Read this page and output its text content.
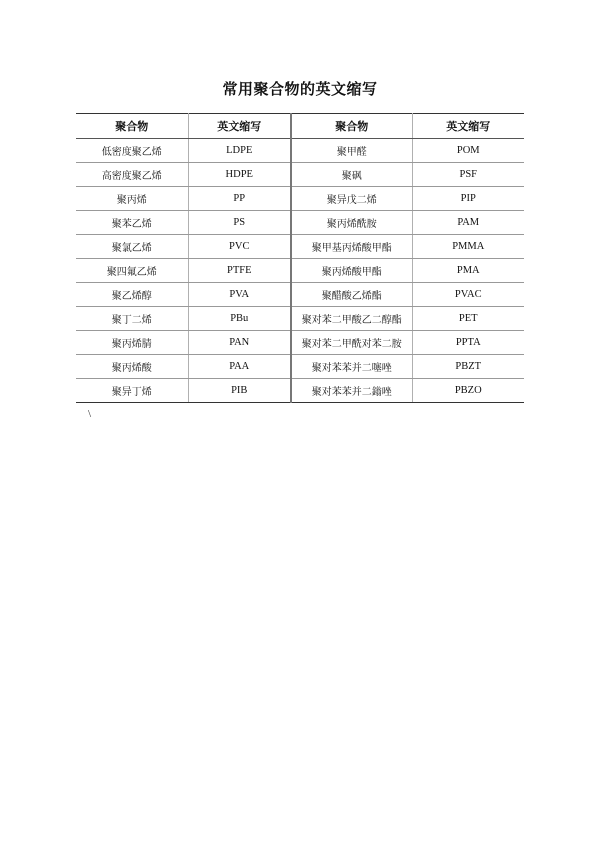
常用聚合物的英文缩写
聚合物	英文缩写	聚合物	英文缩写
低密度聚乙烯	LDPE	聚甲醛	POM
高密度聚乙烯	HDPE	聚砜	PSF
聚丙烯	PP	聚异戊二烯	PIP
聚苯乙烯	PS	聚丙烯酰胺	PAM
聚氯乙烯	PVC	聚甲基丙烯酸甲酯	PMMA
聚四氟乙烯	PTFE	聚丙烯酸甲酯	PMA
聚乙烯醇	PVA	聚醋酸乙烯酯	PVAC
聚丁二烯	PBu	聚对苯二甲酸乙二醇酯	PET
聚丙烯腈	PAN	聚对苯二甲酰对苯二胺	PPTA
聚丙烯酸	PAA	聚对苯苯并二噻唑	PBZT
聚异丁烯	PIB	聚对苯苯并二鎓唑	PBZO
\
